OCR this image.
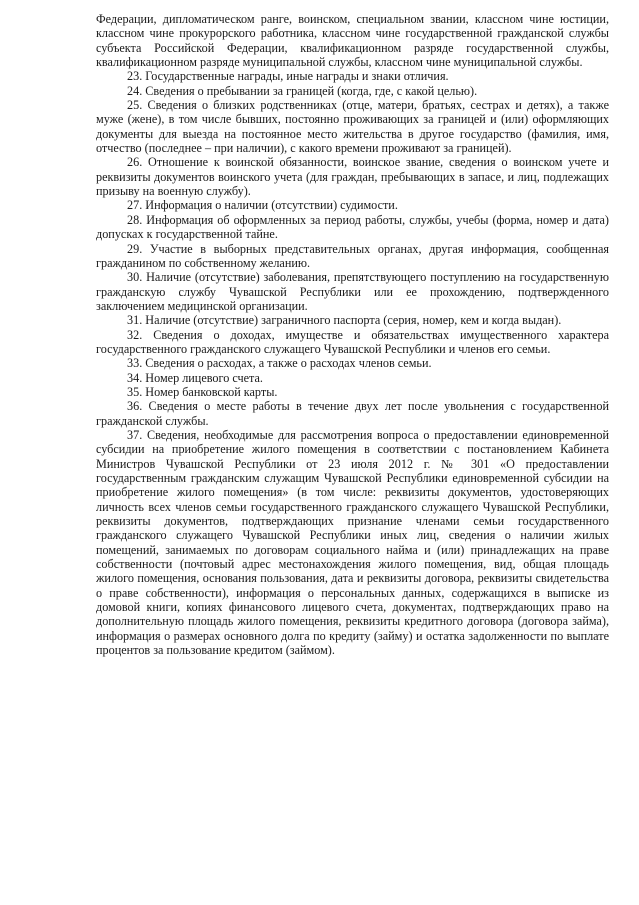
Федерации, дипломатическом ранге, воинском, специальном звании, классном чине юстиции, классном чине прокурорского работника, классном чине государственной гражданской службы субъекта Российской Федерации, квалификационном разряде государственной службы, квалификационном разряде муниципальной службы, классном чине муниципальной службы.

23. Государственные награды, иные награды и знаки отличия.

24. Сведения о пребывании за границей (когда, где, с какой целью).

25. Сведения о близких родственниках (отце, матери, братьях, сестрах и детях), а также муже (жене), в том числе бывших, постоянно проживающих за границей и (или) оформляющих документы для выезда на постоянное место жительства в другое государство (фамилия, имя, отчество (последнее – при наличии), с какого времени проживают за границей).

26. Отношение к воинской обязанности, воинское звание, сведения о воинском учете и реквизиты документов воинского учета (для граждан, пребывающих в запасе, и лиц, подлежащих призыву на военную службу).

27. Информация о наличии (отсутствии) судимости.

28. Информация об оформленных за период работы, службы, учебы (форма, номер и дата) допусках к государственной тайне.

29. Участие в выборных представительных органах, другая информация, сообщенная гражданином по собственному желанию.

30. Наличие (отсутствие) заболевания, препятствующего поступлению на государственную гражданскую службу Чувашской Республики или ее прохождению, подтвержденного заключением медицинской организации.

31. Наличие (отсутствие) заграничного паспорта (серия, номер, кем и когда выдан).

32. Сведения о доходах, имуществе и обязательствах имущественного характера государственного гражданского служащего Чувашской Республики и членов его семьи.

33. Сведения о расходах, а также о расходах членов семьи.

34. Номер лицевого счета.

35. Номер банковской карты.

36. Сведения о месте работы в течение двух лет после увольнения с государственной гражданской службы.

37. Сведения, необходимые для рассмотрения вопроса о предоставлении единовременной субсидии на приобретение жилого помещения в соответствии с постановлением Кабинета Министров Чувашской Республики от 23 июля 2012 г. № 301 «О предоставлении государственным гражданским служащим Чувашской Республики единовременной субсидии на приобретение жилого помещения» (в том числе: реквизиты документов, удостоверяющих личность всех членов семьи государственного гражданского служащего Чувашской Республики, реквизиты документов, подтверждающих признание членами семьи государственного гражданского служащего Чувашской Республики иных лиц, сведения о наличии жилых помещений, занимаемых по договорам социального найма и (или) принадлежащих на праве собственности (почтовый адрес местонахождения жилого помещения, вид, общая площадь жилого помещения, основания пользования, дата и реквизиты договора, реквизиты свидетельства о праве собственности), информация о персональных данных, содержащихся в выписке из домовой книги, копиях финансового лицевого счета, документах, подтверждающих право на дополнительную площадь жилого помещения, реквизиты кредитного договора (договора займа), информация о размерах основного долга по кредиту (займу) и остатка задолженности по выплате процентов за пользование кредитом (займом).
